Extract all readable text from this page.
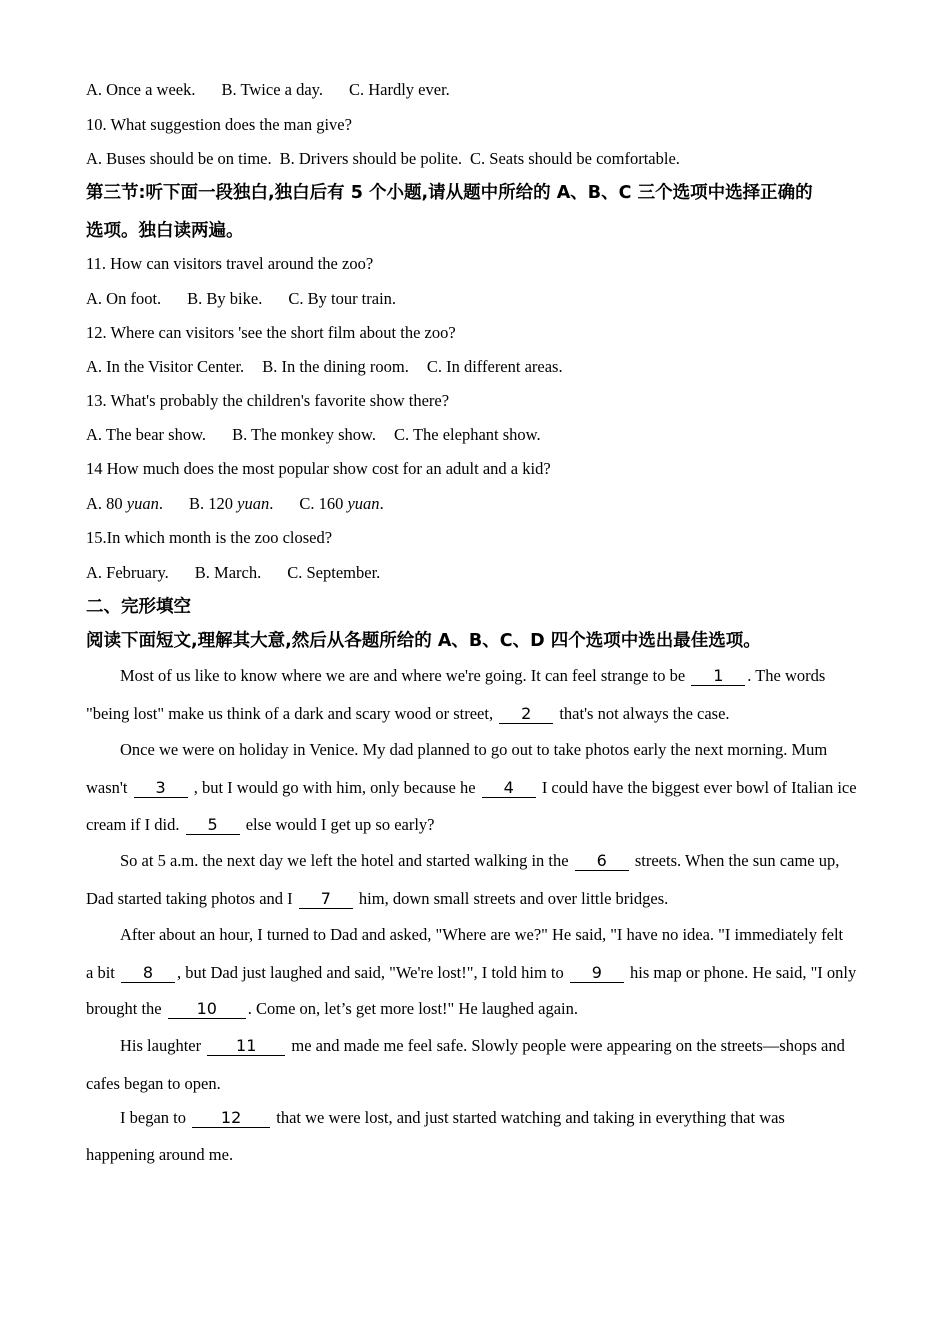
A. Once a week. B. Twice a day. C. Hardly ever.
10. What suggestion does the man give?
A. Buses should be on time. B. Drivers should be polite. C. Seats should be comfortable.
第三节:听下面一段独白,独白后有 5 个小题,请从题中所给的 A、B、C 三个选项中选择正确的
选项。独白读两遍。
11. How can visitors travel around the zoo?
A. On foot. B. By bike. C. By tour train.
12. Where can visitors 'see the short film about the zoo?
A. In the Visitor Center. B. In the dining room. C. In different areas.
13. What's probably the children's favorite show there?
A. The bear show. B. The monkey show. C. The elephant show.
14 How much does the most popular show cost for an adult and a kid?
A. 80 yuan. B. 120 yuan. C. 160 yuan.
15.In which month is the zoo closed?
A. February. B. March. C. September.
二、完形填空
阅读下面短文,理解其大意,然后从各题所给的 A、B、C、D 四个选项中选出最佳选项。
Most of us like to know where we are and where we're going. It can feel strange to be 1 . The words
"being lost" make us think of a dark and scary wood or street, 2 that's not always the case.
Once we were on holiday in Venice. My dad planned to go out to take photos early the next morning. Mum
wasn't 3 , but I would go with him, only because he 4 I could have the biggest ever bowl of Italian ice
cream if I did. 5 else would I get up so early?
So at 5 a.m. the next day we left the hotel and started walking in the 6 streets. When the sun came up,
Dad started taking photos and I 7 him, down small streets and over little bridges.
After about an hour, I turned to Dad and asked, "Where are we?" He said, "I have no idea. "I immediately felt
a bit 8 , but Dad just laughed and said, "We're lost!", I told him to 9 his map or phone. He said, "I only
brought the 10 . Come on, let’s get more lost!" He laughed again.
His laughter 11 me and made me feel safe. Slowly people were appearing on the streets—shops and
cafes began to open.
I began to 12 that we were lost, and just started watching and taking in everything that was
happening around me.
